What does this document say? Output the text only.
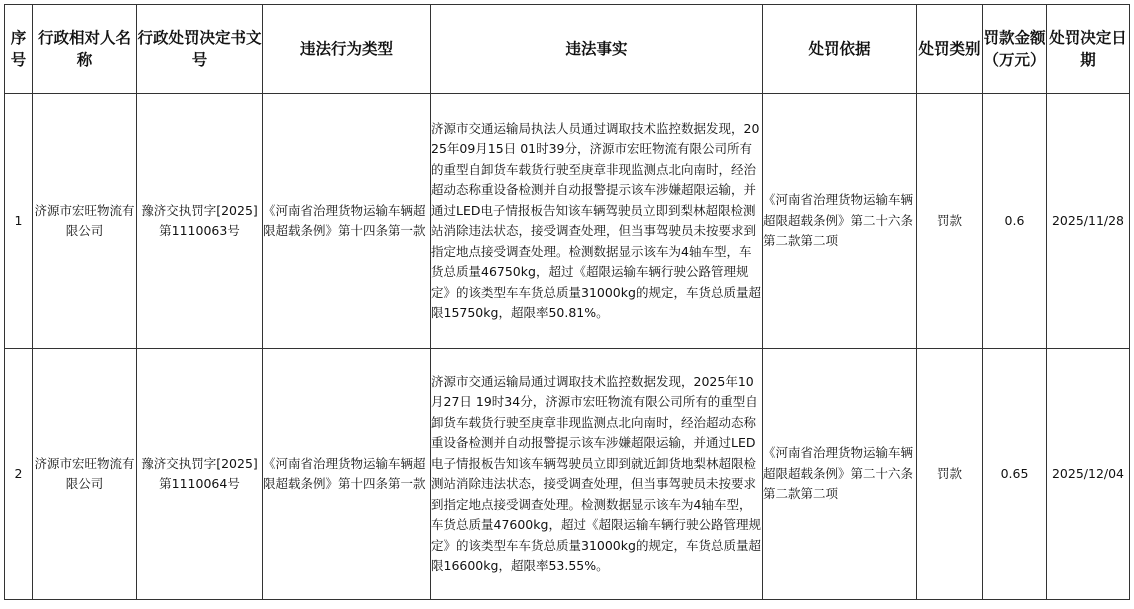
序号	行政相对人名称	行政处罚决定书文号	违法行为类型	违法事实	处罚依据	处罚类别	罚款金额（万元）	处罚决定日期
1	济源市宏旺物流有限公司	豫济交执罚字[2025]第1110063号	《河南省治理货物运输车辆超限超载条例》第十四条第一款	济源市交通运输局执法人员通过调取技术监控数据发现，2025年09月15日 01时39分，济源市宏旺物流有限公司所有的重型自卸货车载货行驶至庚章非现监测点北向南时，经治超动态称重设备检测并自动报警提示该车涉嫌超限运输，并通过LED电子情报板告知该车辆驾驶员立即到梨林超限检测站消除违法状态，接受调查处理，但当事驾驶员未按要求到指定地点接受调查处理。检测数据显示该车为4轴车型，车货总质量46750kg，超过《超限运输车辆行驶公路管理规定》的该类型车车货总质量31000kg的规定，车货总质量超限15750kg，超限率50.81%。	《河南省治理货物运输车辆超限超载条例》第二十六条第二款第二项	罚款	0.6	2025/11/28
2	济源市宏旺物流有限公司	豫济交执罚字[2025]第1110064号	《河南省治理货物运输车辆超限超载条例》第十四条第一款	济源市交通运输局通过调取技术监控数据发现，2025年10月27日 19时34分，济源市宏旺物流有限公司所有的重型自卸货车载货行驶至庚章非现监测点北向南时，经治超动态称重设备检测并自动报警提示该车涉嫌超限运输，并通过LED电子情报板告知该车辆驾驶员立即到就近卸货地梨林超限检测站消除违法状态，接受调查处理，但当事驾驶员未按要求到指定地点接受调查处理。检测数据显示该车为4轴车型，车货总质量47600kg，超过《超限运输车辆行驶公路管理规定》的该类型车车货总质量31000kg的规定，车货总质量超限16600kg，超限率53.55%。	《河南省治理货物运输车辆超限超载条例》第二十六条第二款第二项	罚款	0.65	2025/12/04
